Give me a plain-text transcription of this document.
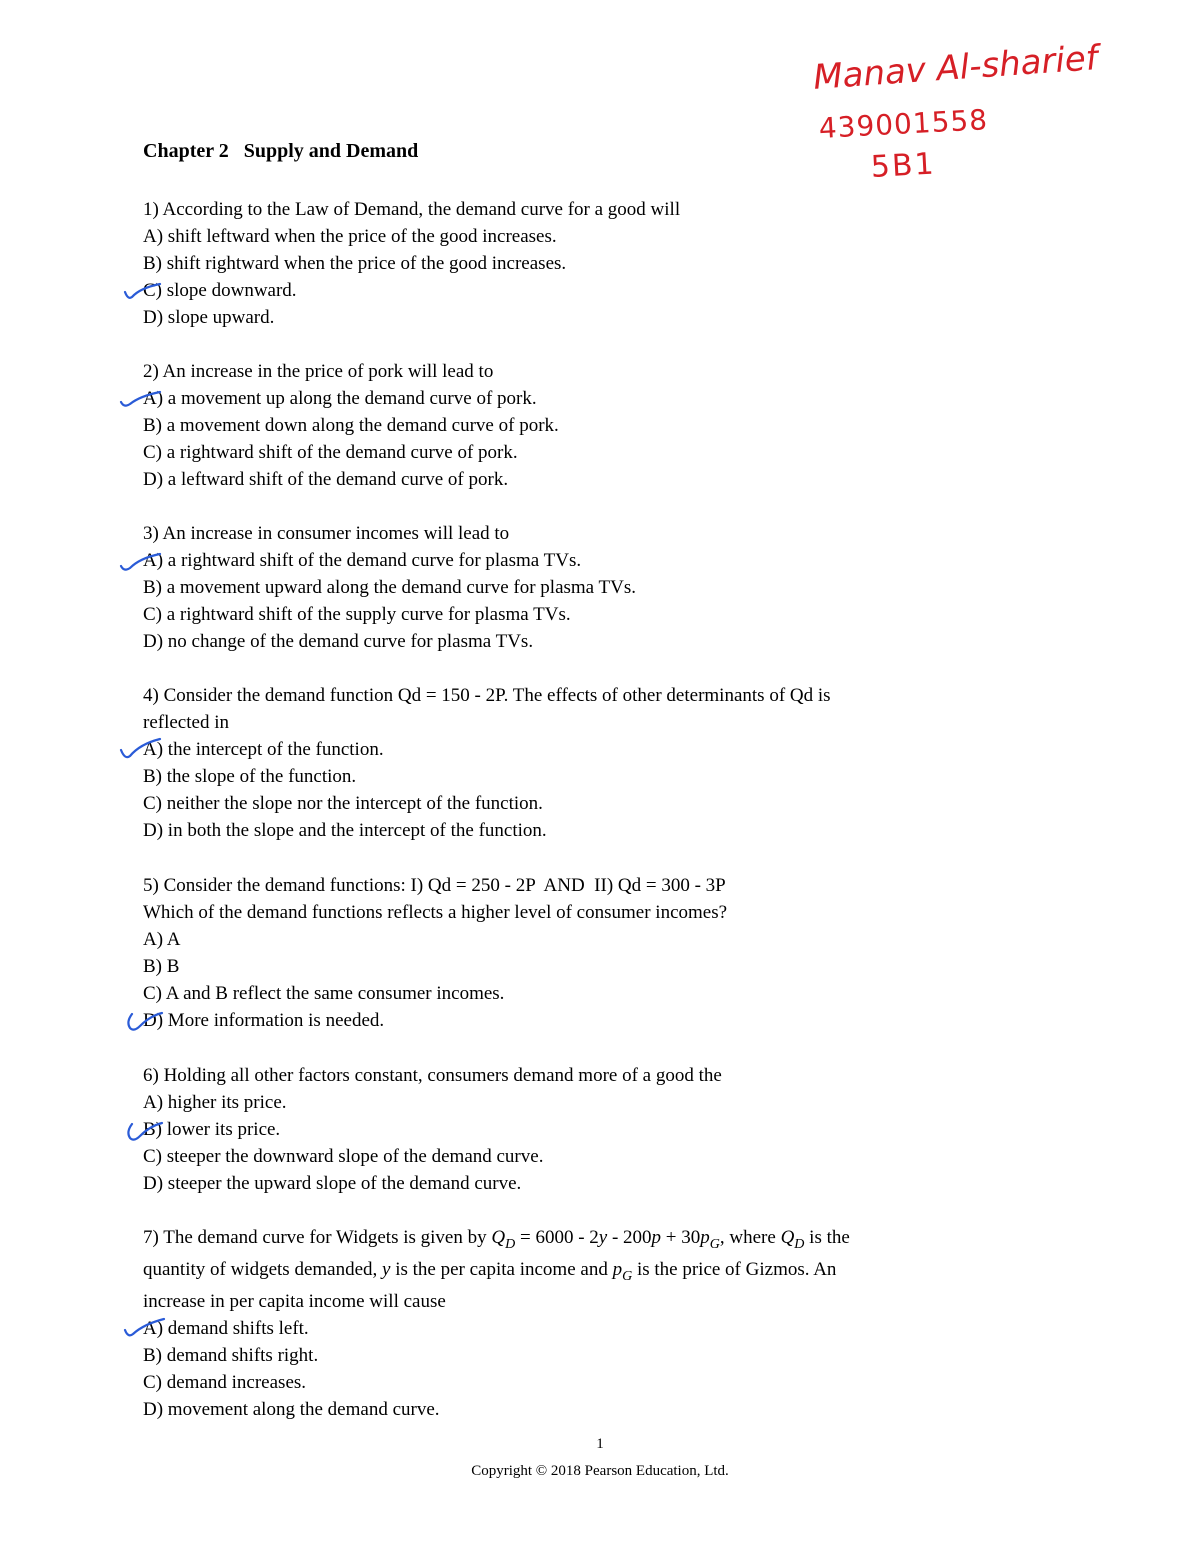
Manav Al-sharief
439001558
5B1
Chapter 2   Supply and Demand
1) According to the Law of Demand, the demand curve for a good will
A) shift leftward when the price of the good increases.
B) shift rightward when the price of the good increases.
C) slope downward.
D) slope upward.
2) An increase in the price of pork will lead to
A) a movement up along the demand curve of pork.
B) a movement down along the demand curve of pork.
C) a rightward shift of the demand curve of pork.
D) a leftward shift of the demand curve of pork.
3) An increase in consumer incomes will lead to
A) a rightward shift of the demand curve for plasma TVs.
B) a movement upward along the demand curve for plasma TVs.
C) a rightward shift of the supply curve for plasma TVs.
D) no change of the demand curve for plasma TVs.
4) Consider the demand function Qd = 150 - 2P. The effects of other determinants of Qd is
reflected in
A) the intercept of the function.
B) the slope of the function.
C) neither the slope nor the intercept of the function.
D) in both the slope and the intercept of the function.
5) Consider the demand functions: I) Qd = 250 - 2P  AND  II) Qd = 300 - 3P
Which of the demand functions reflects a higher level of consumer incomes?
A) A
B) B
C) A and B reflect the same consumer incomes.
D) More information is needed.
6) Holding all other factors constant, consumers demand more of a good the
A) higher its price.
B) lower its price.
C) steeper the downward slope of the demand curve.
D) steeper the upward slope of the demand curve.
7) The demand curve for Widgets is given by $Q_D = 6000 - 2y - 200p + 30p_G$, where $Q_D$ is the
quantity of widgets demanded, y is the per capita income and $p_G$ is the price of Gizmos. An
increase in per capita income will cause
A) demand shifts left.
B) demand shifts right.
C) demand increases.
D) movement along the demand curve.
1
Copyright © 2018 Pearson Education, Ltd.
